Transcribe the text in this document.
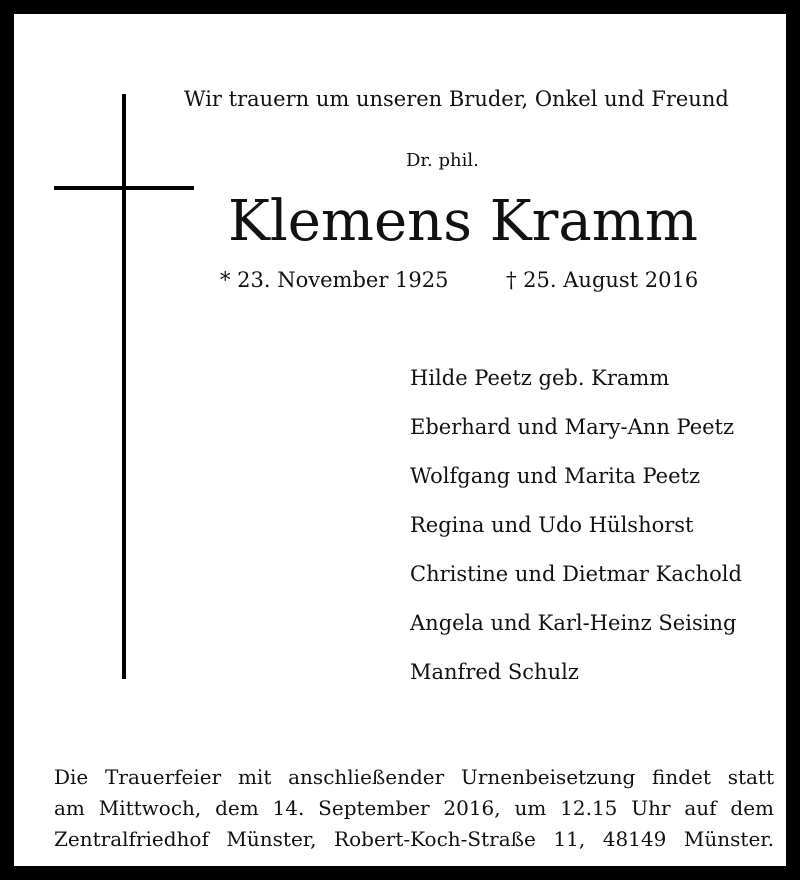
Wir trauern um unseren Bruder, Onkel und Freund
Dr. phil.
Klemens Kramm
* 23. November 1925	† 25. August 2016
Hilde Peetz geb. Kramm
Eberhard und Mary-Ann Peetz
Wolfgang und Marita Peetz
Regina und Udo Hülshorst
Christine und Dietmar Kachold
Angela und Karl-Heinz Seising
Manfred Schulz
Die Trauerfeier mit anschließender Urnenbeisetzung findet statt
am Mittwoch, dem 14. September 2016, um 12.15 Uhr auf dem
Zentralfriedhof Münster, Robert-Koch-Straße 11, 48149 Münster.
